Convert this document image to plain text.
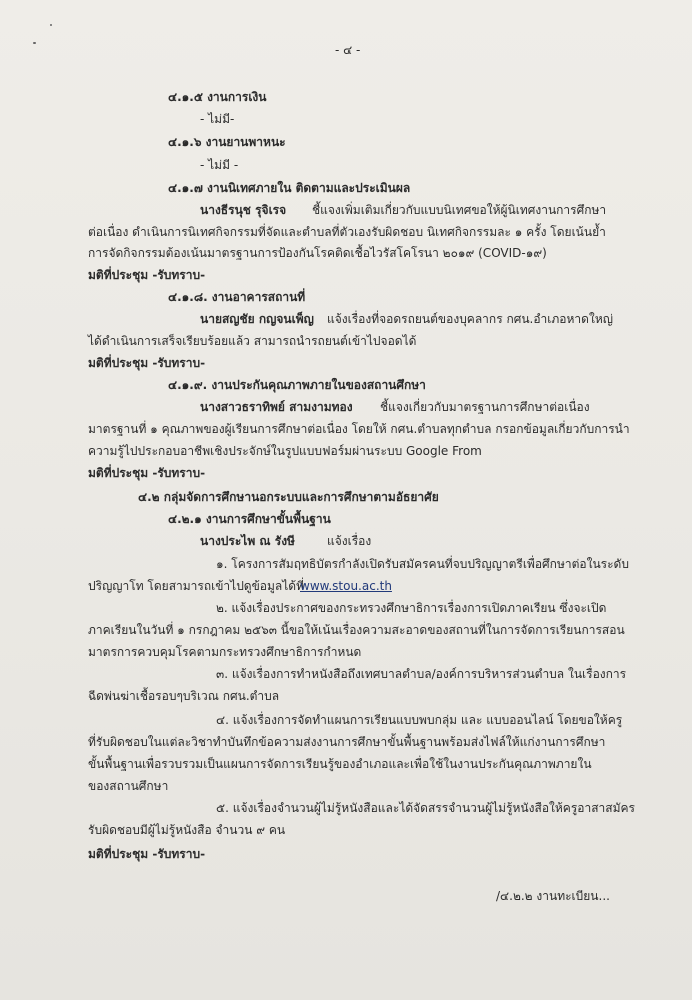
- ๔ -
๔.๑.๕ งานการเงิน
- ไม่มี-
๔.๑.๖ งานยานพาหนะ
- ไม่มี -
๔.๑.๗ งานนิเทศภายใน ติดตามและประเมินผล
นางธีรนุช รุจิเรจ ชี้แจงเพิ่มเติมเกี่ยวกับแบบนิเทศขอให้ผู้นิเทศงานการศึกษา
ต่อเนื่อง ดำเนินการนิเทศกิจกรรมที่จัดและตำบลที่ตัวเองรับผิดชอบ นิเทศกิจกรรมละ ๑ ครั้ง โดยเน้นย้ำ
การจัดกิจกรรมต้องเน้นมาตรฐานการป้องกันโรคติดเชื้อไวรัสโคโรนา ๒๐๑๙ (COVID-๑๙)
มติที่ประชุม -รับทราบ-
๔.๑.๘. งานอาคารสถานที่
นายสญชัย กญจนเพ็ญ แจ้งเรื่องที่จอดรถยนต์ของบุคลากร กศน.อำเภอหาดใหญ่
ได้ดำเนินการเสร็จเรียบร้อยแล้ว สามารถนำรถยนต์เข้าไปจอดได้
มติที่ประชุม -รับทราบ-
๔.๑.๙. งานประกันคุณภาพภายในของสถานศึกษา
นางสาวธราทิพย์ สามงามทอง ชี้แจงเกี่ยวกับมาตรฐานการศึกษาต่อเนื่อง
มาตรฐานที่ ๑ คุณภาพของผู้เรียนการศึกษาต่อเนื่อง โดยให้ กศน.ตำบลทุกตำบล กรอกข้อมูลเกี่ยวกับการนำ
ความรู้ไปประกอบอาชีพเชิงประจักษ์ในรูปแบบฟอร์มผ่านระบบ Google From
มติที่ประชุม -รับทราบ-
๔.๒ กลุ่มจัดการศึกษานอกระบบและการศึกษาตามอัธยาศัย
๔.๒.๑ งานการศึกษาขั้นพื้นฐาน
นางประไพ ณ รังษี	แจ้งเรื่อง
๑. โครงการสัมฤทธิบัตรกำลังเปิดรับสมัครคนที่จบปริญญาตรีเพื่อศึกษาต่อในระดับ
ปริญญาโท โดยสามารถเข้าไปดูข้อมูลได้ที่
www.stou.ac.th
๒. แจ้งเรื่องประกาศของกระทรวงศึกษาธิการเรื่องการเปิดภาคเรียน ซึ่งจะเปิด
ภาคเรียนในวันที่ ๑ กรกฎาคม ๒๕๖๓ นี้ขอให้เน้นเรื่องความสะอาดของสถานที่ในการจัดการเรียนการสอน
มาตรการควบคุมโรคตามกระทรวงศึกษาธิการกำหนด
๓. แจ้งเรื่องการทำหนังสือถึงเทศบาลตำบล/องค์การบริหารส่วนตำบล ในเรื่องการ
ฉีดพ่นฆ่าเชื้อรอบๆบริเวณ กศน.ตำบล
๔. แจ้งเรื่องการจัดทำแผนการเรียนแบบพบกลุ่ม และ แบบออนไลน์ โดยขอให้ครู
ที่รับผิดชอบในแต่ละวิชาทำบันทึกข้อความส่งงานการศึกษาขั้นพื้นฐานพร้อมส่งไฟล์ให้แก่งานการศึกษา
ขั้นพื้นฐานเพื่อรวบรวมเป็นแผนการจัดการเรียนรู้ของอำเภอและเพื่อใช้ในงานประกันคุณภาพภายใน
ของสถานศึกษา
๕. แจ้งเรื่องจำนวนผู้ไม่รู้หนังสือและได้จัดสรรจำนวนผู้ไม่รู้หนังสือให้ครูอาสาสมัคร
รับผิดชอบมีผู้ไม่รู้หนังสือ จำนวน ๙ คน
มติที่ประชุม -รับทราบ-
/๔.๒.๒ งานทะเบียน...
